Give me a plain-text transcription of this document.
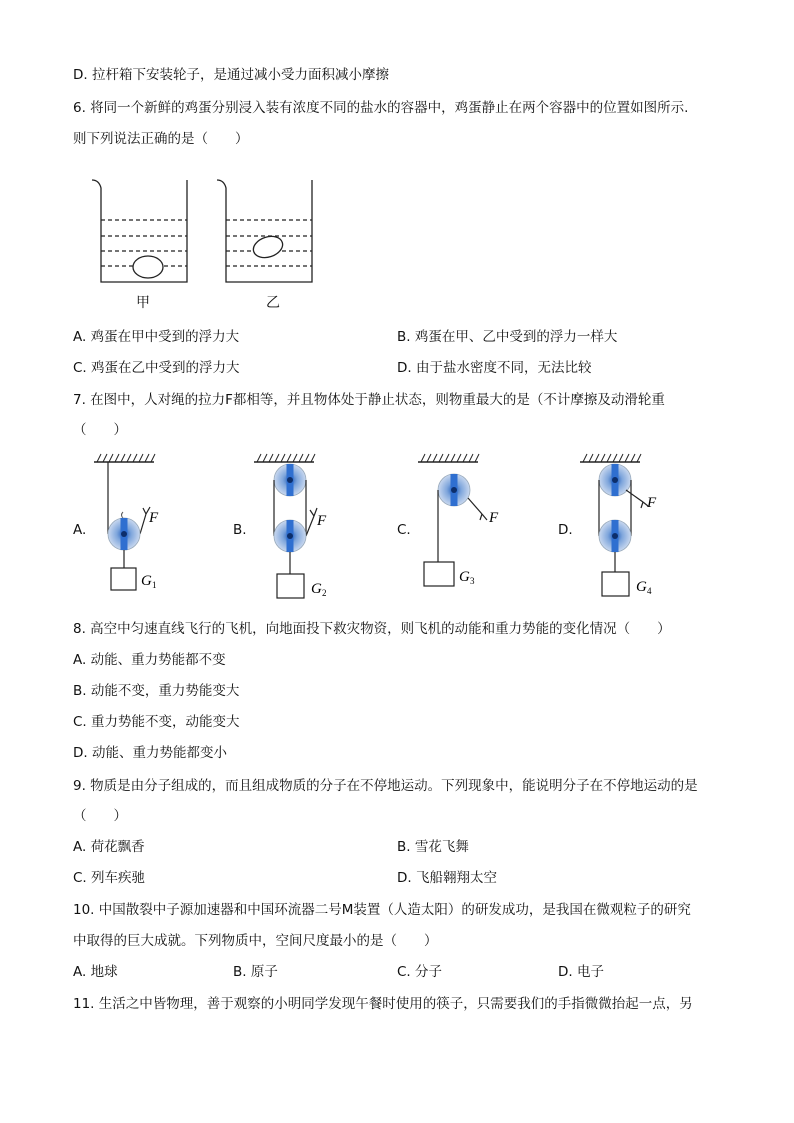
D. 拉杆箱下安装轮子，是通过减小受力面积减小摩擦
6. 将同一个新鲜的鸡蛋分别浸入装有浓度不同的盐水的容器中，鸡蛋静止在两个容器中的位置如图所示.
则下列说法正确的是（　　）
甲	乙
A. 鸡蛋在甲中受到的浮力大	B. 鸡蛋在甲、乙中受到的浮力一样大
C. 鸡蛋在乙中受到的浮力大	D. 由于盐水密度不同，无法比较
7. 在图中，人对绳的拉力F都相等，并且物体处于静止状态，则物重最大的是（不计摩擦及动滑轮重
（　　）
A.	B.	C.	D.
F
G 1
F
G 2
F
G 3
F
G 4
8. 高空中匀速直线飞行的飞机，向地面投下救灾物资，则飞机的动能和重力势能的变化情况（　　）
A. 动能、重力势能都不变
B. 动能不变，重力势能变大
C. 重力势能不变，动能变大
D. 动能、重力势能都变小
9. 物质是由分子组成的，而且组成物质的分子在不停地运动。下列现象中，能说明分子在不停地运动的是
（　　）
A. 荷花飘香	B. 雪花飞舞
C. 列车疾驰	D. 飞船翱翔太空
10. 中国散裂中子源加速器和中国环流器二号M装置（人造太阳）的研发成功，是我国在微观粒子的研究
中取得的巨大成就。下列物质中，空间尺度最小的是（　　）
A. 地球	B. 原子	C. 分子	D. 电子
11. 生活之中皆物理，善于观察的小明同学发现午餐时使用的筷子，只需要我们的手指微微抬起一点，另
